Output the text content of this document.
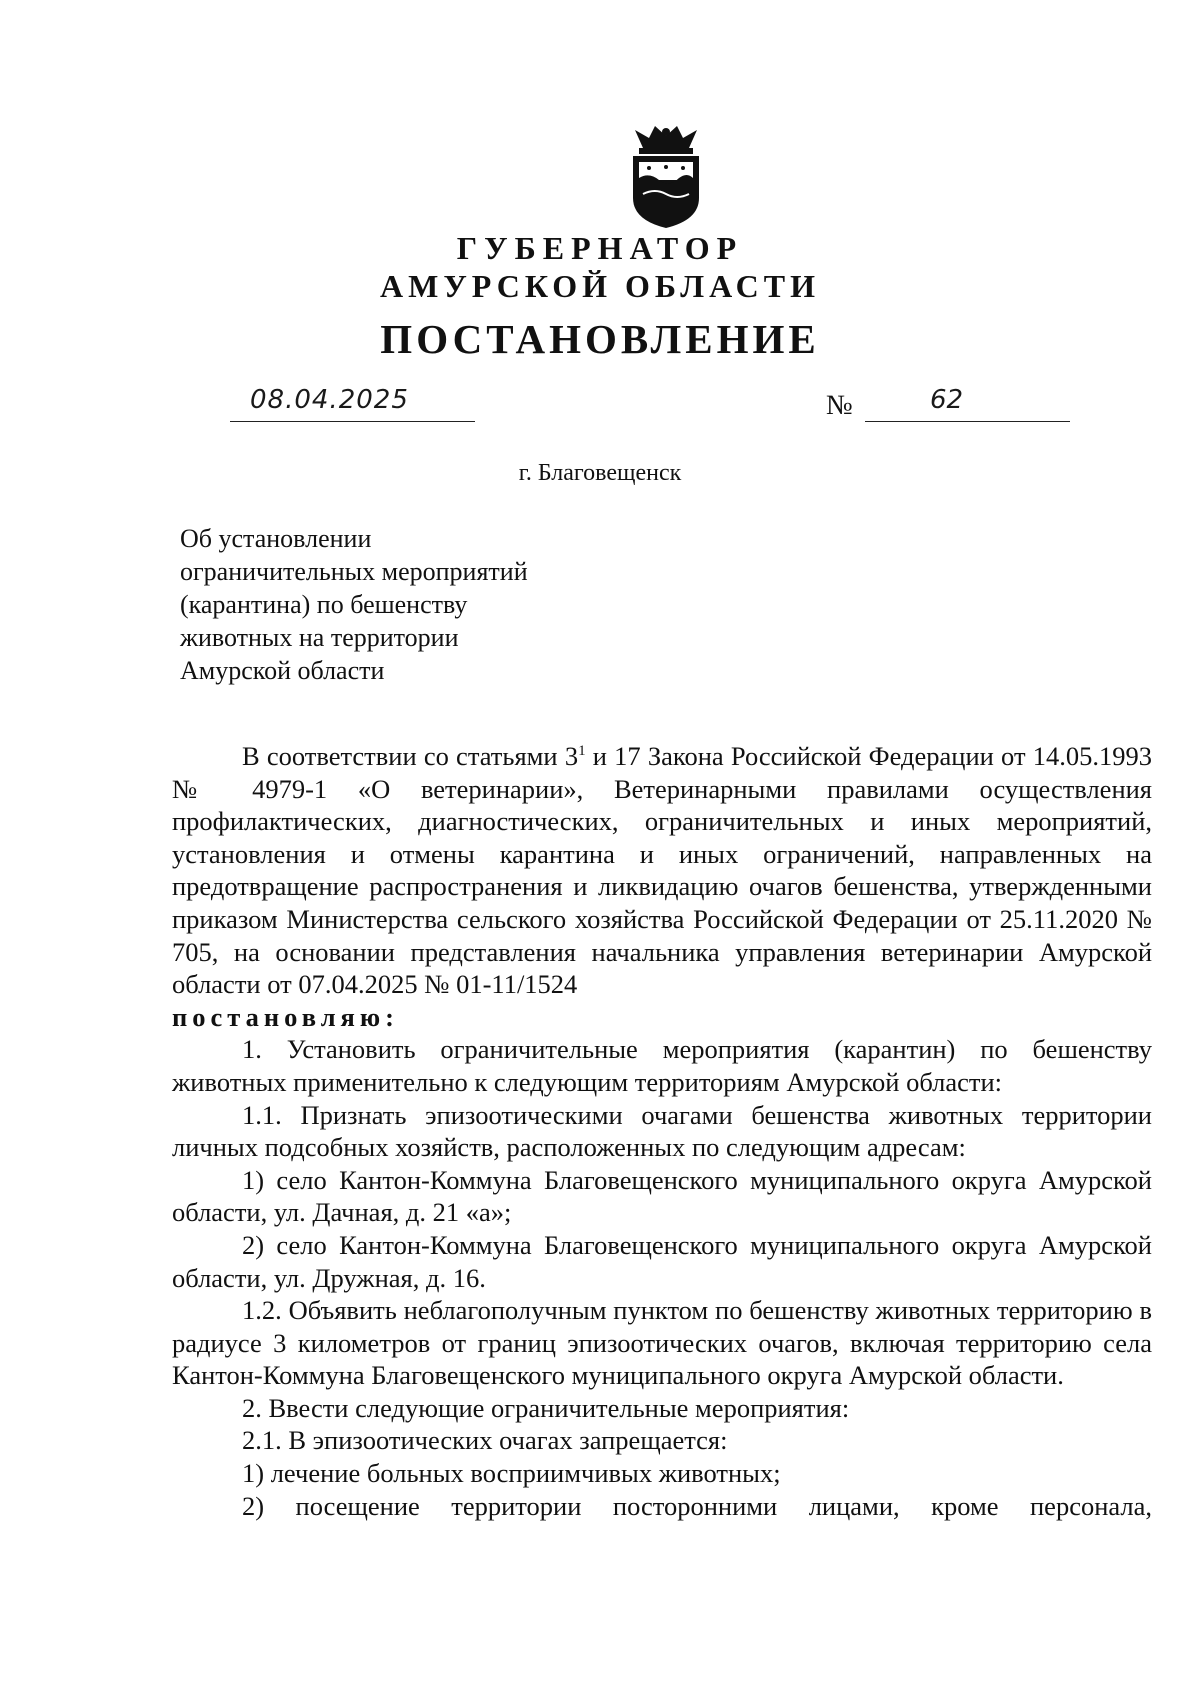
ГУБЕРНАТОР
АМУРСКОЙ ОБЛАСТИ
ПОСТАНОВЛЕНИЕ
08.04.2025	№	62
г. Благовещенск
Об установлении
ограничительных мероприятий
(карантина) по бешенству
животных на территории
Амурской области

В соответствии со статьями $3^1$ и 17 Закона Российской Федерации от 14.05.1993 № 4979-1 «О ветеринарии», Ветеринарными правилами осуществления профилактических, диагностических, ограничительных и иных мероприятий, установления и отмены карантина и иных ограничений, направленных на предотвращение распространения и ликвидацию очагов бешенства, утвержденными приказом Министерства сельского хозяйства Российской Федерации от 25.11.2020 № 705, на основании представления начальника управления ветеринарии Амурской области от 07.04.2025 № 01-11/1524

постановляю:

1. Установить ограничительные мероприятия (карантин) по бешенству животных применительно к следующим территориям Амурской области:

1.1. Признать эпизоотическими очагами бешенства животных территории личных подсобных хозяйств, расположенных по следующим адресам:

1) село Кантон-Коммуна Благовещенского муниципального округа Амурской области, ул. Дачная, д. 21 «а»;

2) село Кантон-Коммуна Благовещенского муниципального округа Амурской области, ул. Дружная, д. 16.

1.2. Объявить неблагополучным пунктом по бешенству животных территорию в радиусе 3 километров от границ эпизоотических очагов, включая территорию села Кантон-Коммуна Благовещенского муниципального округа Амурской области.

2. Ввести следующие ограничительные мероприятия:

2.1. В эпизоотических очагах запрещается:

1) лечение больных восприимчивых животных;

2) посещение территории посторонними лицами, кроме персонала,
